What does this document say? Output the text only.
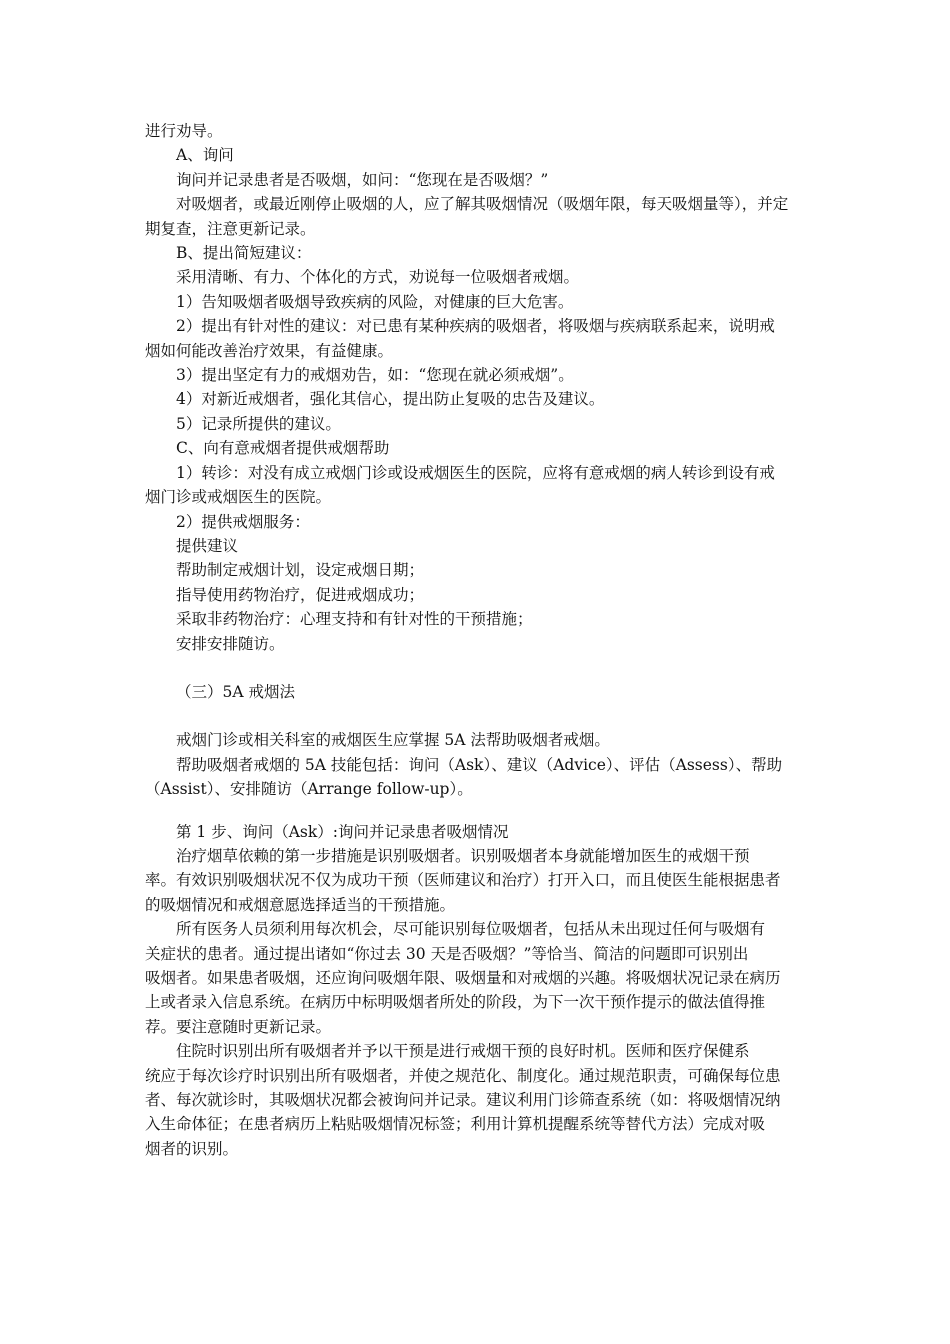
进行劝导。
A、询问
询问并记录患者是否吸烟，如问：“您现在是否吸烟？”
对吸烟者，或最近刚停止吸烟的人，应了解其吸烟情况（吸烟年限，每天吸烟量等），并定
期复查，注意更新记录。
B、提出简短建议：
采用清晰、有力、个体化的方式，劝说每一位吸烟者戒烟。
1）告知吸烟者吸烟导致疾病的风险，对健康的巨大危害。
2）提出有针对性的建议：对已患有某种疾病的吸烟者，将吸烟与疾病联系起来，说明戒
烟如何能改善治疗效果，有益健康。
3）提出坚定有力的戒烟劝告，如：“您现在就必须戒烟”。
4）对新近戒烟者，强化其信心，提出防止复吸的忠告及建议。
5）记录所提供的建议。
C、向有意戒烟者提供戒烟帮助
1）转诊：对没有成立戒烟门诊或设戒烟医生的医院，应将有意戒烟的病人转诊到设有戒
烟门诊或戒烟医生的医院。
2）提供戒烟服务：
提供建议
帮助制定戒烟计划，设定戒烟日期；
指导使用药物治疗，促进戒烟成功；
采取非药物治疗：心理支持和有针对性的干预措施；
安排安排随访。
（三）5A 戒烟法
戒烟门诊或相关科室的戒烟医生应掌握 5A 法帮助吸烟者戒烟。
帮助吸烟者戒烟的 5A 技能包括：询问（Ask）、建议（Advice）、评估（Assess）、帮助
（Assist）、安排随访（Arrange follow-up）。
第 1 步、询问（Ask）:询问并记录患者吸烟情况
治疗烟草依赖的第一步措施是识别吸烟者。识别吸烟者本身就能增加医生的戒烟干预
率。有效识别吸烟状况不仅为成功干预（医师建议和治疗）打开入口，而且使医生能根据患者
的吸烟情况和戒烟意愿选择适当的干预措施。
所有医务人员须利用每次机会，尽可能识别每位吸烟者，包括从未出现过任何与吸烟有
关症状的患者。通过提出诸如“你过去 30 天是否吸烟？”等恰当、简洁的问题即可识别出
吸烟者。如果患者吸烟，还应询问吸烟年限、吸烟量和对戒烟的兴趣。将吸烟状况记录在病历
上或者录入信息系统。在病历中标明吸烟者所处的阶段，为下一次干预作提示的做法值得推
荐。要注意随时更新记录。
住院时识别出所有吸烟者并予以干预是进行戒烟干预的良好时机。医师和医疗保健系
统应于每次诊疗时识别出所有吸烟者，并使之规范化、制度化。通过规范职责，可确保每位患
者、每次就诊时，其吸烟状况都会被询问并记录。建议利用门诊筛查系统（如：将吸烟情况纳
入生命体征；在患者病历上粘贴吸烟情况标签；利用计算机提醒系统等替代方法）完成对吸
烟者的识别。
